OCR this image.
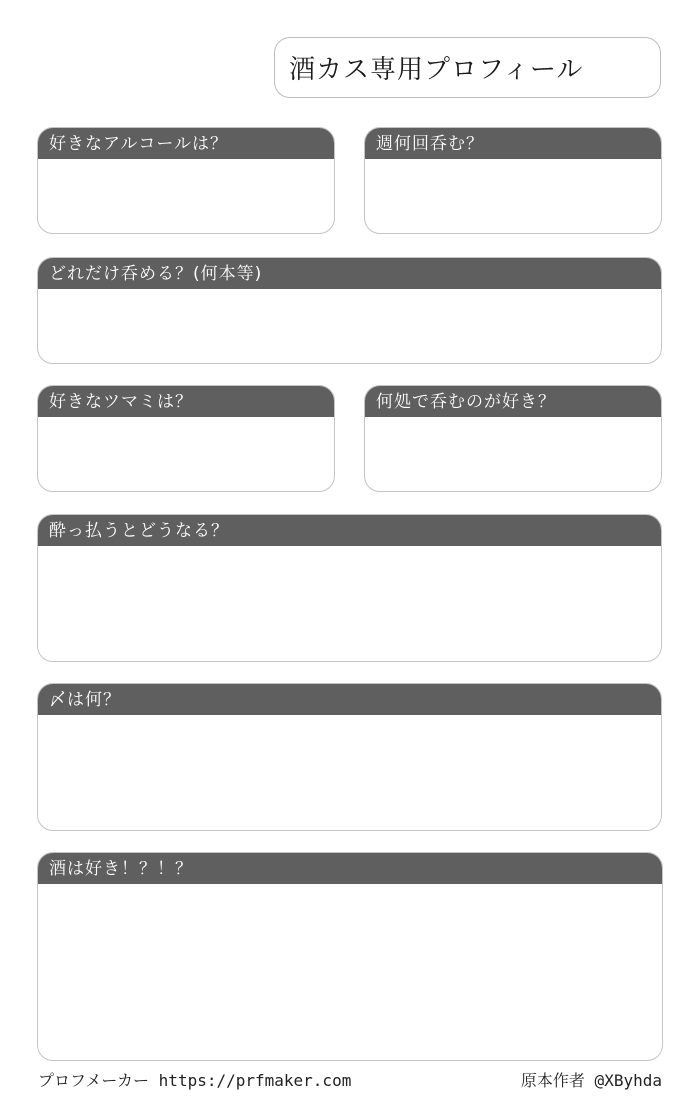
酒カス専用プロフィール
好きなアルコールは？	週何回呑む？
どれだけ呑める？(何本等)
好きなツマミは？	何処で呑むのが好き？
酔っ払うとどうなる？
〆は何？
酒は好き！？！？
プロフメーカー https://prfmaker.com	原本作者 @XByhda
